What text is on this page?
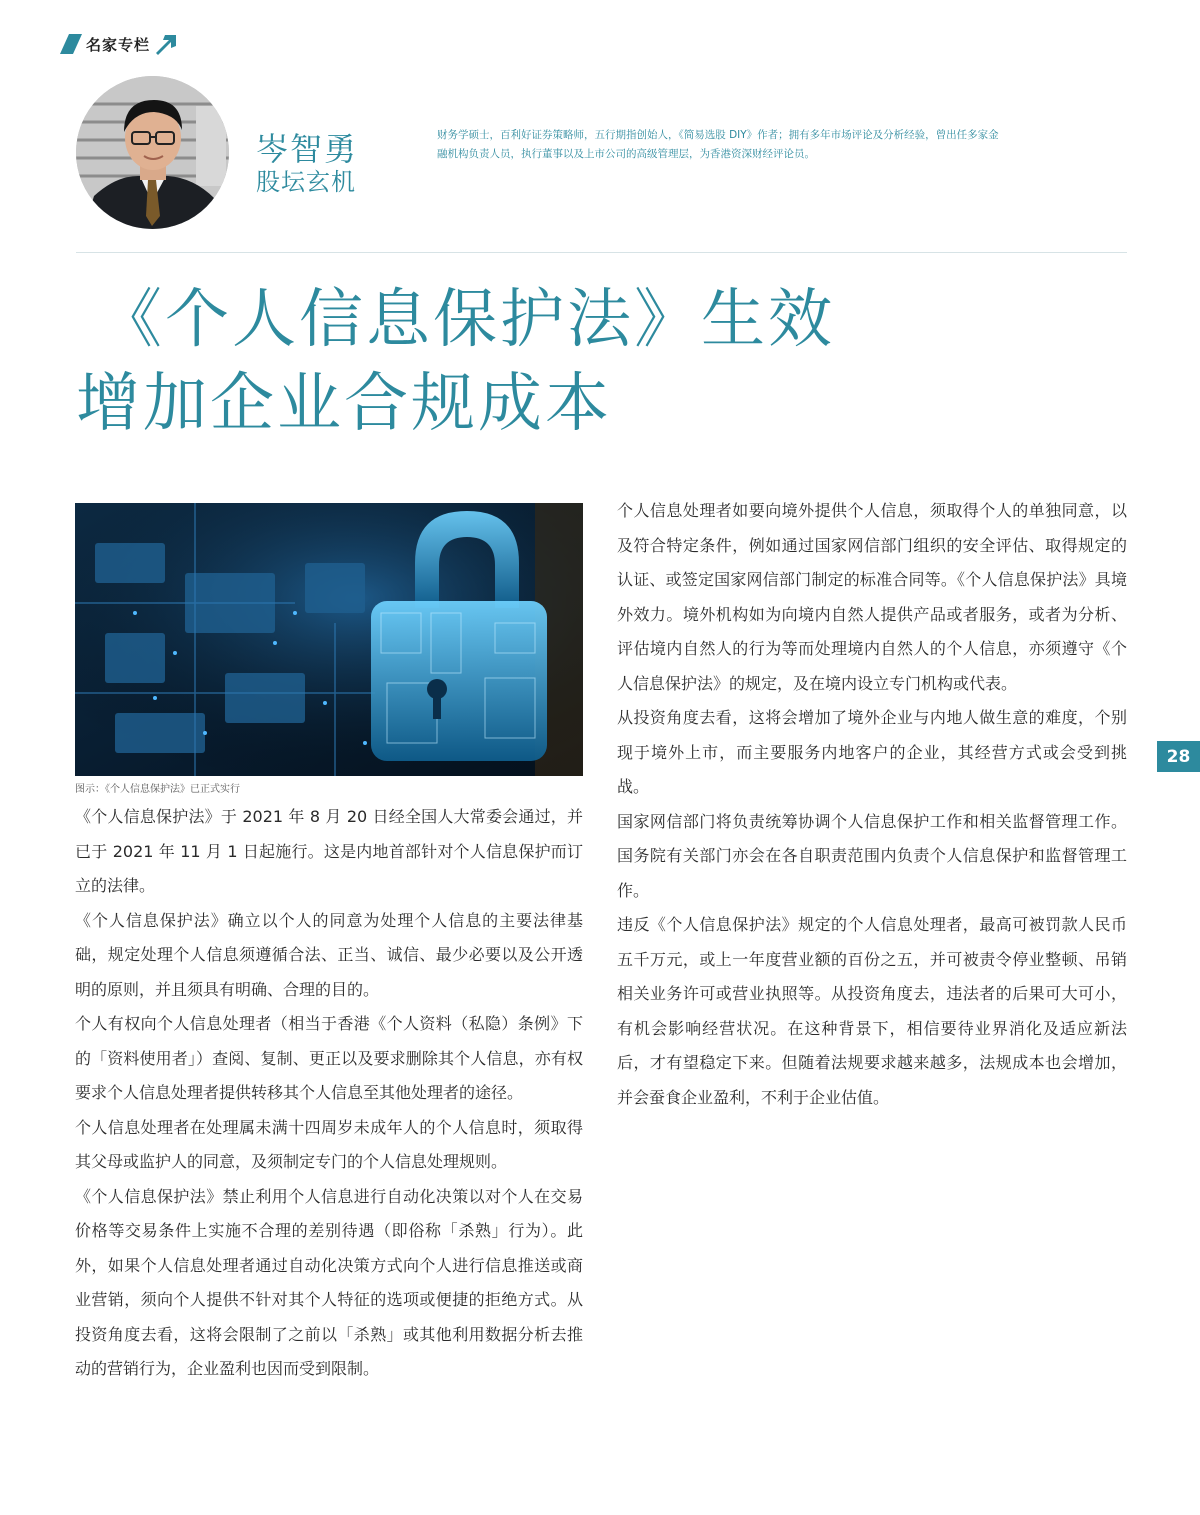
名家专栏
岑智勇
股坛玄机
财务学硕士，百利好证券策略师，五行期指创始人，《简易选股 DIY》作者；拥有多年市场评论及分析经验，曾出任多家金融机构负责人员，执行董事以及上市公司的高级管理层，为香港资深财经评论员。
《个人信息保护法》生效
增加企业合规成本
图示：《个人信息保护法》已正式实行

《个人信息保护法》于 2021 年 8 月 20 日经全国人大常委会通过，并已于 2021 年 11 月 1 日起施行。这是内地首部针对个人信息保护而订立的法律。

《个人信息保护法》确立以个人的同意为处理个人信息的主要法律基础，规定处理个人信息须遵循合法、正当、诚信、最少必要以及公开透明的原则，并且须具有明确、合理的目的。

个人有权向个人信息处理者（相当于香港《个人资料（私隐）条例》下的「资料使用者」）查阅、复制、更正以及要求删除其个人信息，亦有权要求个人信息处理者提供转移其个人信息至其他处理者的途径。

个人信息处理者在处理属未满十四周岁未成年人的个人信息时，须取得其父母或监护人的同意，及须制定专门的个人信息处理规则。

《个人信息保护法》禁止利用个人信息进行自动化决策以对个人在交易价格等交易条件上实施不合理的差别待遇（即俗称「杀熟」行为）。此外，如果个人信息处理者通过自动化决策方式向个人进行信息推送或商业营销，须向个人提供不针对其个人特征的选项或便捷的拒绝方式。从投资角度去看，这将会限制了之前以「杀熟」或其他利用数据分析去推动的营销行为，企业盈利也因而受到限制。

个人信息处理者如要向境外提供个人信息，须取得个人的单独同意，以及符合特定条件，例如通过国家网信部门组织的安全评估、取得规定的认证、或签定国家网信部门制定的标准合同等。《个人信息保护法》具境外效力。境外机构如为向境内自然人提供产品或者服务，或者为分析、评估境内自然人的行为等而处理境内自然人的个人信息，亦须遵守《个人信息保护法》的规定，及在境内设立专门机构或代表。

从投资角度去看，这将会增加了境外企业与内地人做生意的难度，个别现于境外上市，而主要服务内地客户的企业，其经营方式或会受到挑战。

国家网信部门将负责统筹协调个人信息保护工作和相关监督管理工作。国务院有关部门亦会在各自职责范围内负责个人信息保护和监督管理工作。

违反《个人信息保护法》规定的个人信息处理者，最高可被罚款人民币五千万元，或上一年度营业额的百份之五，并可被责令停业整顿、吊销相关业务许可或营业执照等。从投资角度去，违法者的后果可大可小，有机会影响经营状况。在这种背景下，相信要待业界消化及适应新法后，才有望稳定下来。但随着法规要求越来越多，法规成本也会增加，并会蚕食企业盈利，不利于企业估值。

28
